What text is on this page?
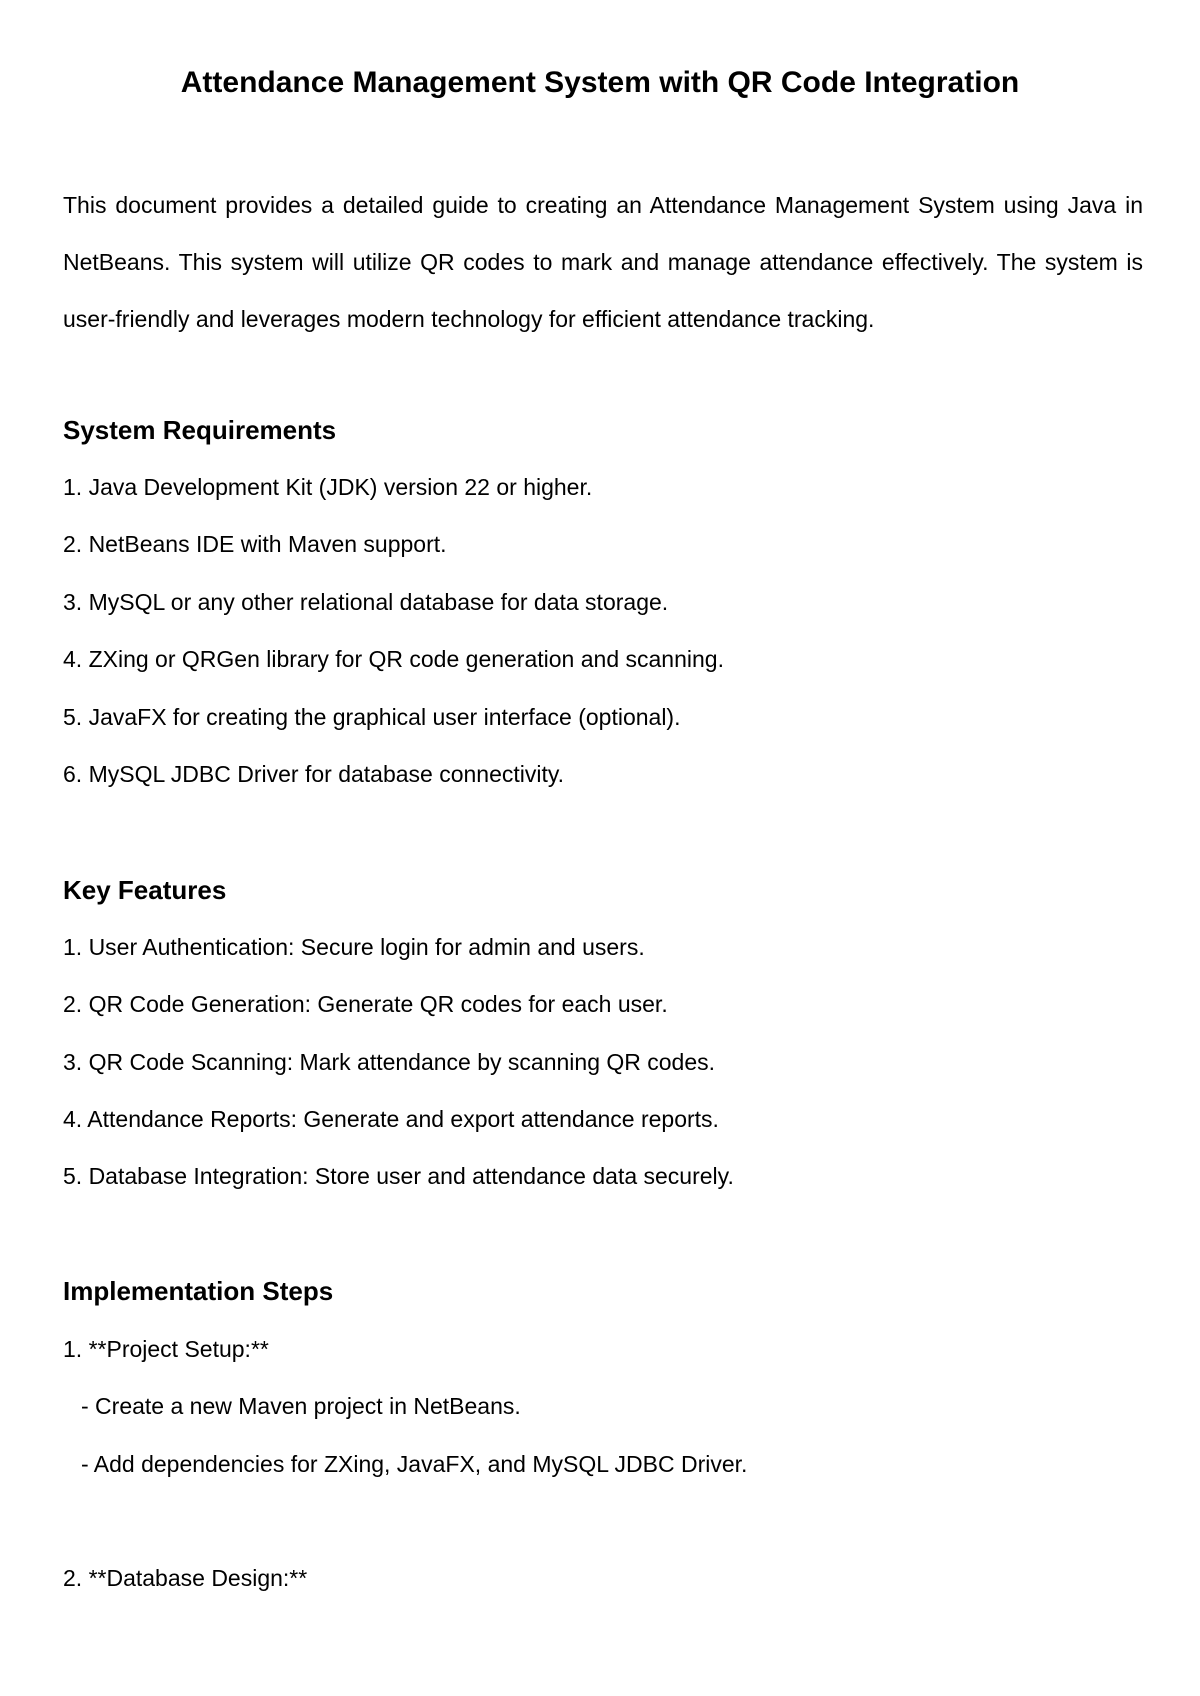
Attendance Management System with QR Code Integration

This document provides a detailed guide to creating an Attendance Management System using Java in NetBeans. This system will utilize QR codes to mark and manage attendance effectively. The system is user-friendly and leverages modern technology for efficient attendance tracking.

System Requirements

1. Java Development Kit (JDK) version 22 or higher.

2. NetBeans IDE with Maven support.

3. MySQL or any other relational database for data storage.

4. ZXing or QRGen library for QR code generation and scanning.

5. JavaFX for creating the graphical user interface (optional).

6. MySQL JDBC Driver for database connectivity.

Key Features

1. User Authentication: Secure login for admin and users.

2. QR Code Generation: Generate QR codes for each user.

3. QR Code Scanning: Mark attendance by scanning QR codes.

4. Attendance Reports: Generate and export attendance reports.

5. Database Integration: Store user and attendance data securely.

Implementation Steps

1. **Project Setup:**

- Create a new Maven project in NetBeans.

- Add dependencies for ZXing, JavaFX, and MySQL JDBC Driver.

2. **Database Design:**
